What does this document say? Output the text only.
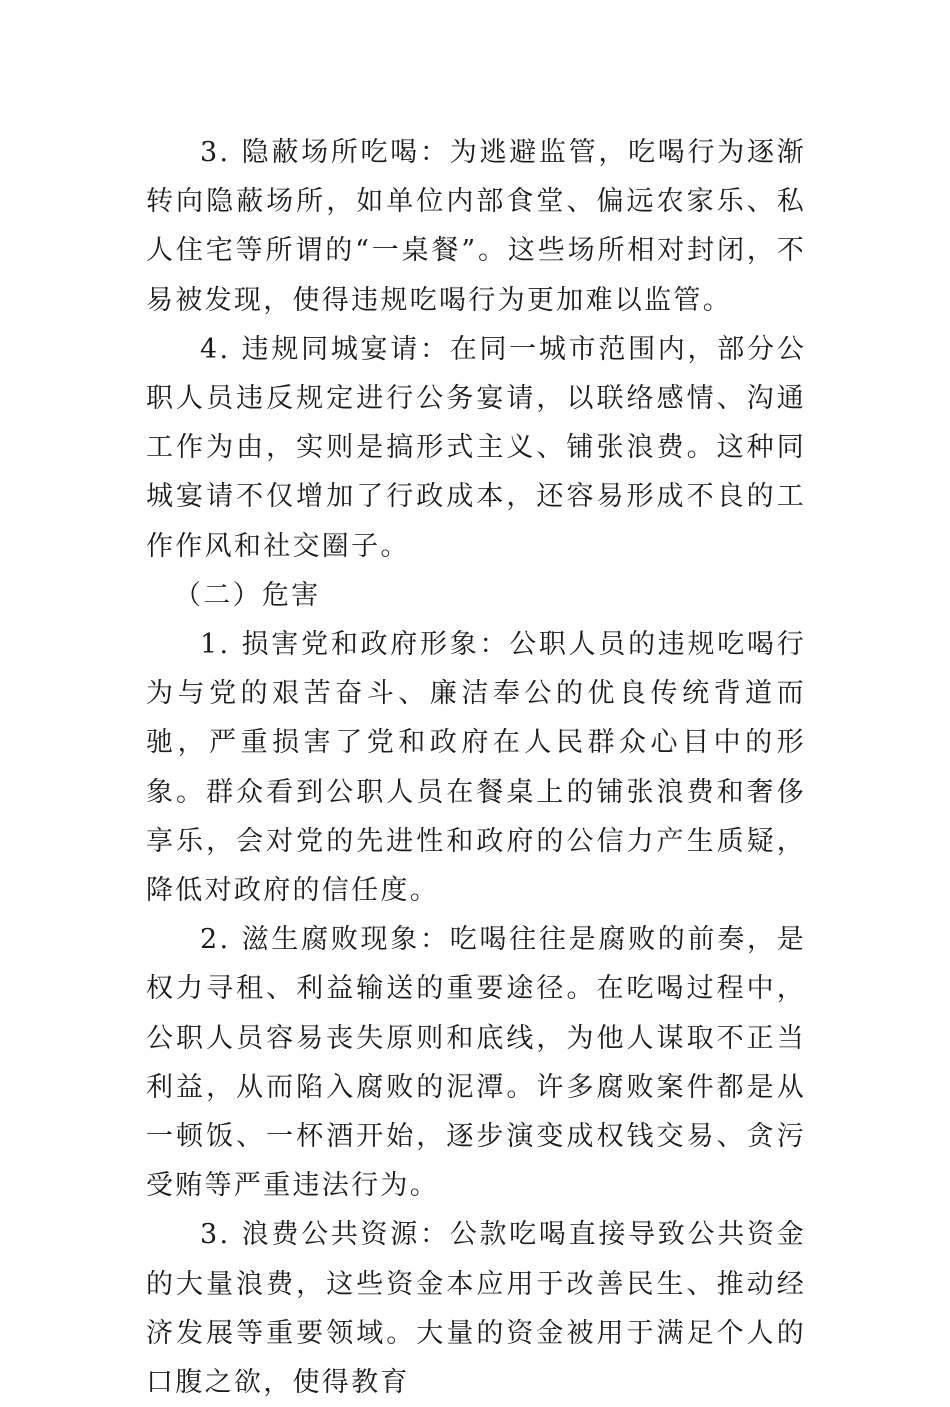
3. 隐蔽场所吃喝：为逃避监管，吃喝行为逐渐转向隐蔽场所，如单位内部食堂、偏远农家乐、私人住宅等所谓的“一桌餐”。这些场所相对封闭，不易被发现，使得违规吃喝行为更加难以监管。

4. 违规同城宴请：在同一城市范围内，部分公职人员违反规定进行公务宴请，以联络感情、沟通工作为由，实则是搞形式主义、铺张浪费。这种同城宴请不仅增加了行政成本，还容易形成不良的工作作风和社交圈子。

（二）危害

1. 损害党和政府形象：公职人员的违规吃喝行为与党的艰苦奋斗、廉洁奉公的优良传统背道而驰，严重损害了党和政府在人民群众心目中的形象。群众看到公职人员在餐桌上的铺张浪费和奢侈享乐，会对党的先进性和政府的公信力产生质疑，降低对政府的信任度。

2. 滋生腐败现象：吃喝往往是腐败的前奏，是权力寻租、利益输送的重要途径。在吃喝过程中，公职人员容易丧失原则和底线，为他人谋取不正当利益，从而陷入腐败的泥潭。许多腐败案件都是从一顿饭、一杯酒开始，逐步演变成权钱交易、贪污受贿等严重违法行为。

3. 浪费公共资源：公款吃喝直接导致公共资金的大量浪费，这些资金本应用于改善民生、推动经济发展等重要领域。大量的资金被用于满足个人的口腹之欲，使得教育
